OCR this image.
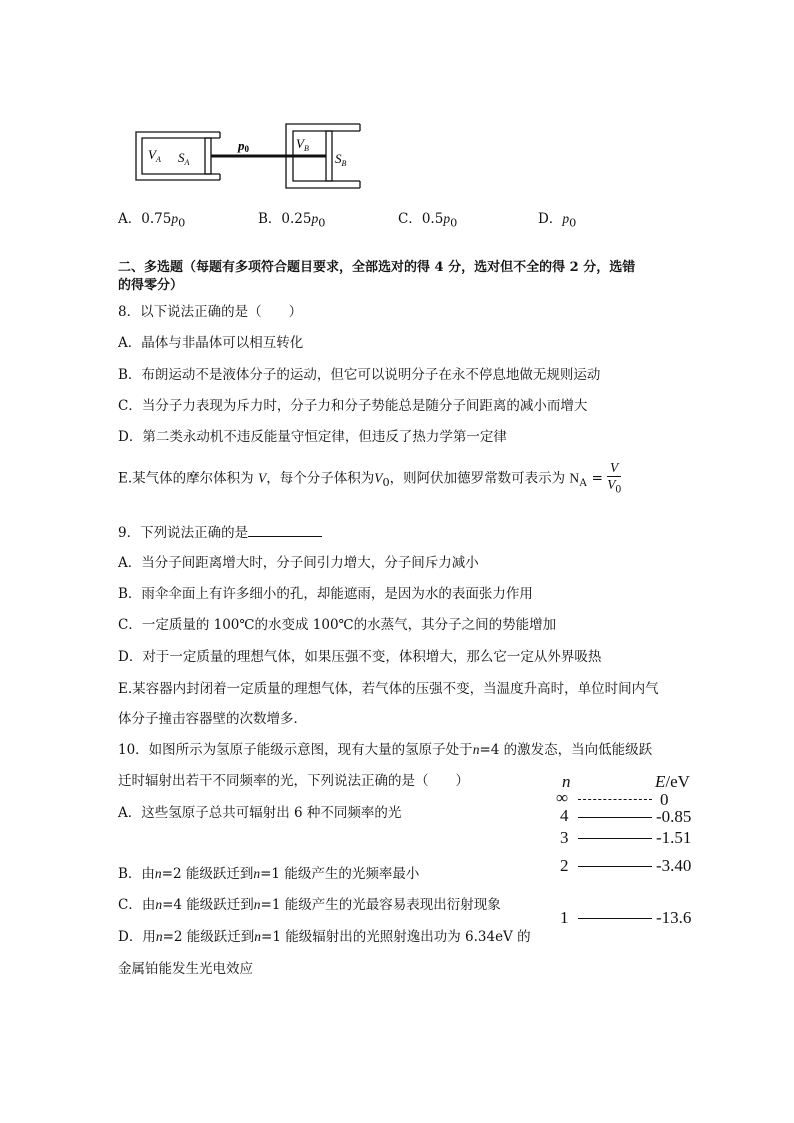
$V_A$ $S_A$
p0	$V_B$
$S_B$
A．$0.75p_0$	B．$0.25p_0$	C．$0.5p_0$	D．$p_0$
二、多选题（每题有多项符合题目要求，全部选对的得 4 分，选对但不全的得 2 分，选错
的得零分）
8．以下说法正确的是（　　）
A．晶体与非晶体可以相互转化
B．布朗运动不是液体分子的运动，但它可以说明分子在永不停息地做无规则运动
C．当分子力表现为斥力时，分子力和分子势能总是随分子间距离的减小而增大
D．第二类永动机不违反能量守恒定律，但违反了热力学第一定律
E.某气体的摩尔体积为 V，每个分子体积为$V_0$，则阿伏加德罗常数可表示为 $N_A = \frac{V}{V_0}$
9．下列说法正确的是
A．当分子间距离增大时，分子间引力增大，分子间斥力减小
B．雨伞伞面上有许多细小的孔，却能遮雨，是因为水的表面张力作用
C．一定质量的 100℃的水变成 100℃的水蒸气，其分子之间的势能增加
D．对于一定质量的理想气体，如果压强不变，体积增大，那么它一定从外界吸热
E.某容器内封闭着一定质量的理想气体，若气体的压强不变，当温度升高时，单位时间内气
体分子撞击容器壁的次数增多．
10．如图所示为氢原子能级示意图，现有大量的氢原子处于n=4 的激发态，当向低能级跃
迁时辐射出若干不同频率的光，下列说法正确的是（　　）
A．这些氢原子总共可辐射出 6 种不同频率的光
B．由n=2 能级跃迁到n=1 能级产生的光频率最小
C．由n=4 能级跃迁到n=1 能级产生的光最容易表现出衍射现象
D．用n=2 能级跃迁到n=1 能级辐射出的光照射逸出功为 6.34eV 的
金属铂能发生光电效应
n	E/eV
∞	0
4	-0.85
3	-1.51
2	-3.40
1	-13.6
